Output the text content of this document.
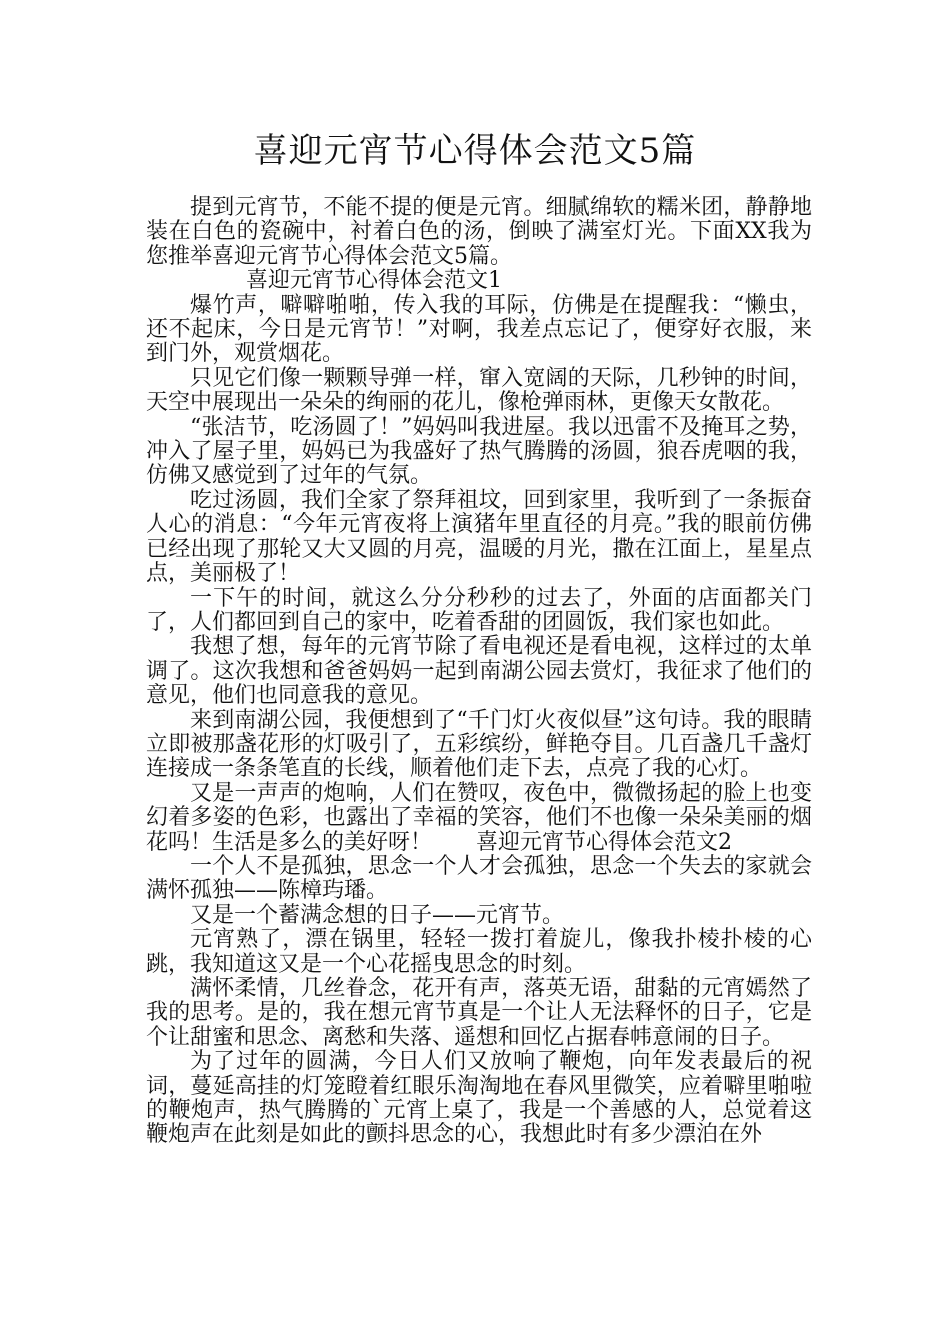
喜迎元宵节心得体会范文5篇

提到元宵节，不能不提的便是元宵。细腻绵软的糯米团，静静地装在白色的瓷碗中，衬着白色的汤，倒映了满室灯光。下面XX我为您推举喜迎元宵节心得体会范文5篇。

喜迎元宵节心得体会范文1

爆竹声，噼噼啪啪，传入我的耳际，仿佛是在提醒我：“懒虫，还不起床，今日是元宵节！”对啊，我差点忘记了，便穿好衣服，来到门外，观赏烟花。

只见它们像一颗颗导弹一样，窜入宽阔的天际，几秒钟的时间，天空中展现出一朵朵的绚丽的花儿，像枪弹雨林，更像天女散花。

“张洁节，吃汤圆了！”妈妈叫我进屋。我以迅雷不及掩耳之势，冲入了屋子里，妈妈已为我盛好了热气腾腾的汤圆，狼吞虎咽的我，仿佛又感觉到了过年的气氛。

吃过汤圆，我们全家了祭拜祖坟，回到家里，我听到了一条振奋人心的消息：“今年元宵夜将上演猪年里直径的月亮。”我的眼前仿佛已经出现了那轮又大又圆的月亮，温暖的月光，撒在江面上，星星点点，美丽极了！

一下午的时间，就这么分分秒秒的过去了，外面的店面都关门了，人们都回到自己的家中，吃着香甜的团圆饭，我们家也如此。

我想了想，每年的元宵节除了看电视还是看电视，这样过的太单调了。这次我想和爸爸妈妈一起到南湖公园去赏灯，我征求了他们的意见，他们也同意我的意见。

来到南湖公园，我便想到了“千门灯火夜似昼”这句诗。我的眼睛立即被那盏花形的灯吸引了，五彩缤纷，鲜艳夺目。几百盏几千盏灯连接成一条条笔直的长线，顺着他们走下去，点亮了我的心灯。

又是一声声的炮响，人们在赞叹，夜色中，微微扬起的脸上也变幻着多姿的色彩，也露出了幸福的笑容，他们不也像一朵朵美丽的烟花吗！生活是多么的美好呀！ 喜迎元宵节心得体会范文2

一个人不是孤独，思念一个人才会孤独，思念一个失去的家就会满怀孤独——陈樟玙璠。

又是一个蓄满念想的日子——元宵节。

元宵熟了，漂在锅里，轻轻一拨打着旋儿，像我扑棱扑棱的心跳，我知道这又是一个心花摇曳思念的时刻。

满怀柔情，几丝眷念，花开有声，落英无语，甜黏的元宵嫣然了我的思考。是的，我在想元宵节真是一个让人无法释怀的日子，它是个让甜蜜和思念、离愁和失落、遥想和回忆占据春帏意闹的日子。

为了过年的圆满，今日人们又放响了鞭炮，向年发表最后的祝词，蔓延高挂的灯笼瞪着红眼乐淘淘地在春风里微笑，应着噼里啪啦的鞭炮声，热气腾腾的`元宵上桌了，我是一个善感的人，总觉着这鞭炮声在此刻是如此的颤抖思念的心，我想此时有多少漂泊在外
